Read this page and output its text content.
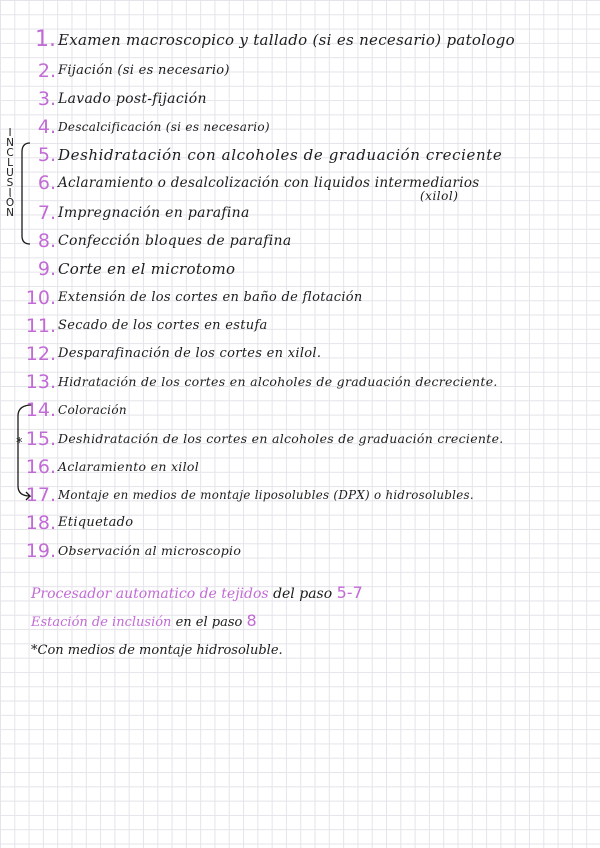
I
N
C
L
U
S
I
Ó
N
*
1. Examen macroscopico y tallado (si es necesario) patologo
2. Fijación (si es necesario)
3. Lavado post-fijación
4. Descalcificación (si es necesario)
5. Deshidratación con alcoholes de graduación creciente
6. Aclaramiento o desalcolización con liquidos intermediarios
(xilol)
7. Impregnación en parafina
8. Confección bloques de parafina
9. Corte en el microtomo
10. Extensión de los cortes en baño de flotación
11. Secado de los cortes en estufa
12. Desparafinación de los cortes en xilol.
13. Hidratación de los cortes en alcoholes de graduación decreciente.
14. Coloración
15. Deshidratación de los cortes en alcoholes de graduación creciente.
16. Aclaramiento en xilol
17. Montaje en medios de montaje liposolubles (DPX) o hidrosolubles.
18. Etiquetado
19. Observación al microscopio
Procesador automatico de tejidos del paso 5-7
Estación de inclusión en el paso 8
*Con medios de montaje hidrosoluble.
